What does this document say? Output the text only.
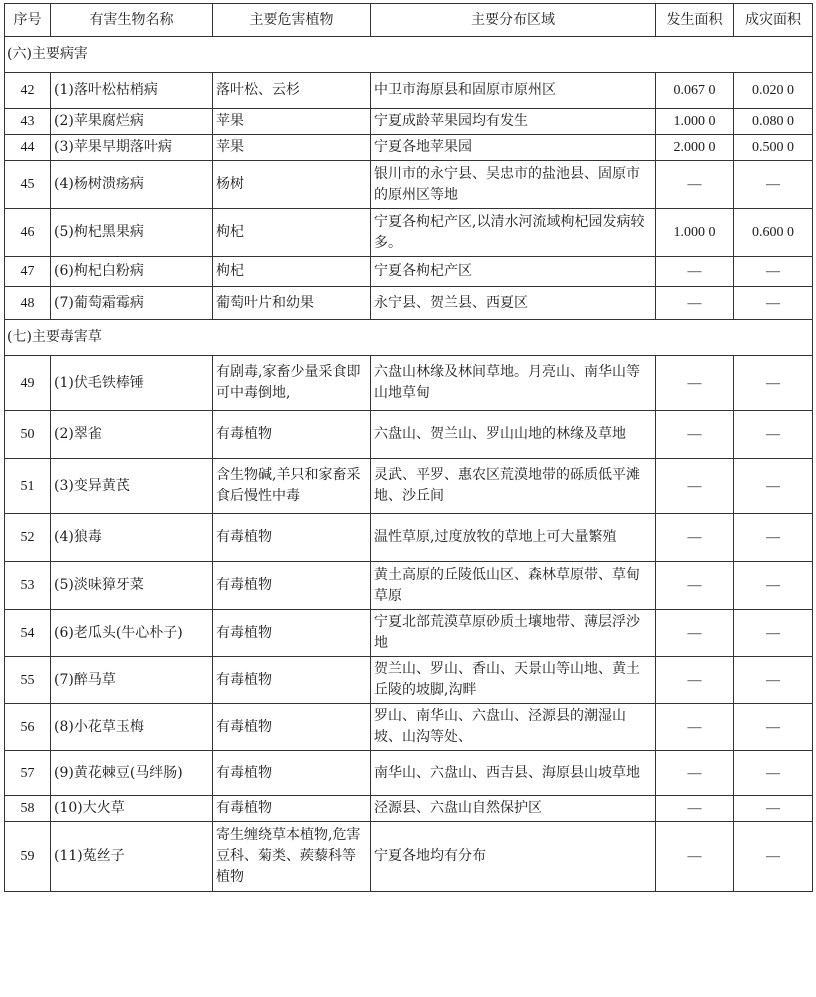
序号	有害生物名称	主要危害植物	主要分布区域	发生面积	成灾面积
(六)主要病害					
42	(1)落叶松枯梢病	落叶松、云杉	中卫市海原县和固原市原州区	0.067 0	0.020 0
43	(2)苹果腐烂病	苹果	宁夏成龄苹果园均有发生	1.000 0	0.080 0
44	(3)苹果早期落叶病	苹果	宁夏各地苹果园	2.000 0	0.500 0
45	(4)杨树溃疡病	杨树	银川市的永宁县、吴忠市的盐池县、固原市的原州区等地	—	—
46	(5)枸杞黑果病	枸杞	宁夏各枸杞产区,以清水河流域枸杞园发病较多。	1.000 0	0.600 0
47	(6)枸杞白粉病	枸杞	宁夏各枸杞产区	—	—
48	(7)葡萄霜霉病	葡萄叶片和幼果	永宁县、贺兰县、西夏区	—	—
(七)主要毒害草					
49	(1)伏毛铁棒锤	有剧毒,家畜少量采食即可中毒倒地,	六盘山林缘及林间草地。月亮山、南华山等山地草甸	—	—
50	(2)翠雀	有毒植物	六盘山、贺兰山、罗山山地的林缘及草地	—	—
51	(3)变异黄芪	含生物碱,羊只和家畜采食后慢性中毒	灵武、平罗、惠农区荒漠地带的砾质低平滩地、沙丘间	—	—
52	(4)狼毒	有毒植物	温性草原,过度放牧的草地上可大量繁殖	—	—
53	(5)淡味獐牙菜	有毒植物	黄土高原的丘陵低山区、森林草原带、草甸草原	—	—
54	(6)老瓜头(牛心朴子)	有毒植物	宁夏北部荒漠草原砂质土壤地带、薄层浮沙地	—	—
55	(7)醉马草	有毒植物	贺兰山、罗山、香山、天景山等山地、黄土丘陵的坡脚,沟畔	—	—
56	(8)小花草玉梅	有毒植物	罗山、南华山、六盘山、泾源县的潮湿山坡、山沟等处、	—	—
57	(9)黄花棘豆(马绊肠)	有毒植物	南华山、六盘山、西吉县、海原县山坡草地	—	—
58	(10)大火草	有毒植物	泾源县、六盘山自然保护区	—	—
59	(11)菟丝子	寄生缠绕草本植物,危害豆科、菊类、蒺藜科等植物	宁夏各地均有分布	—	—
